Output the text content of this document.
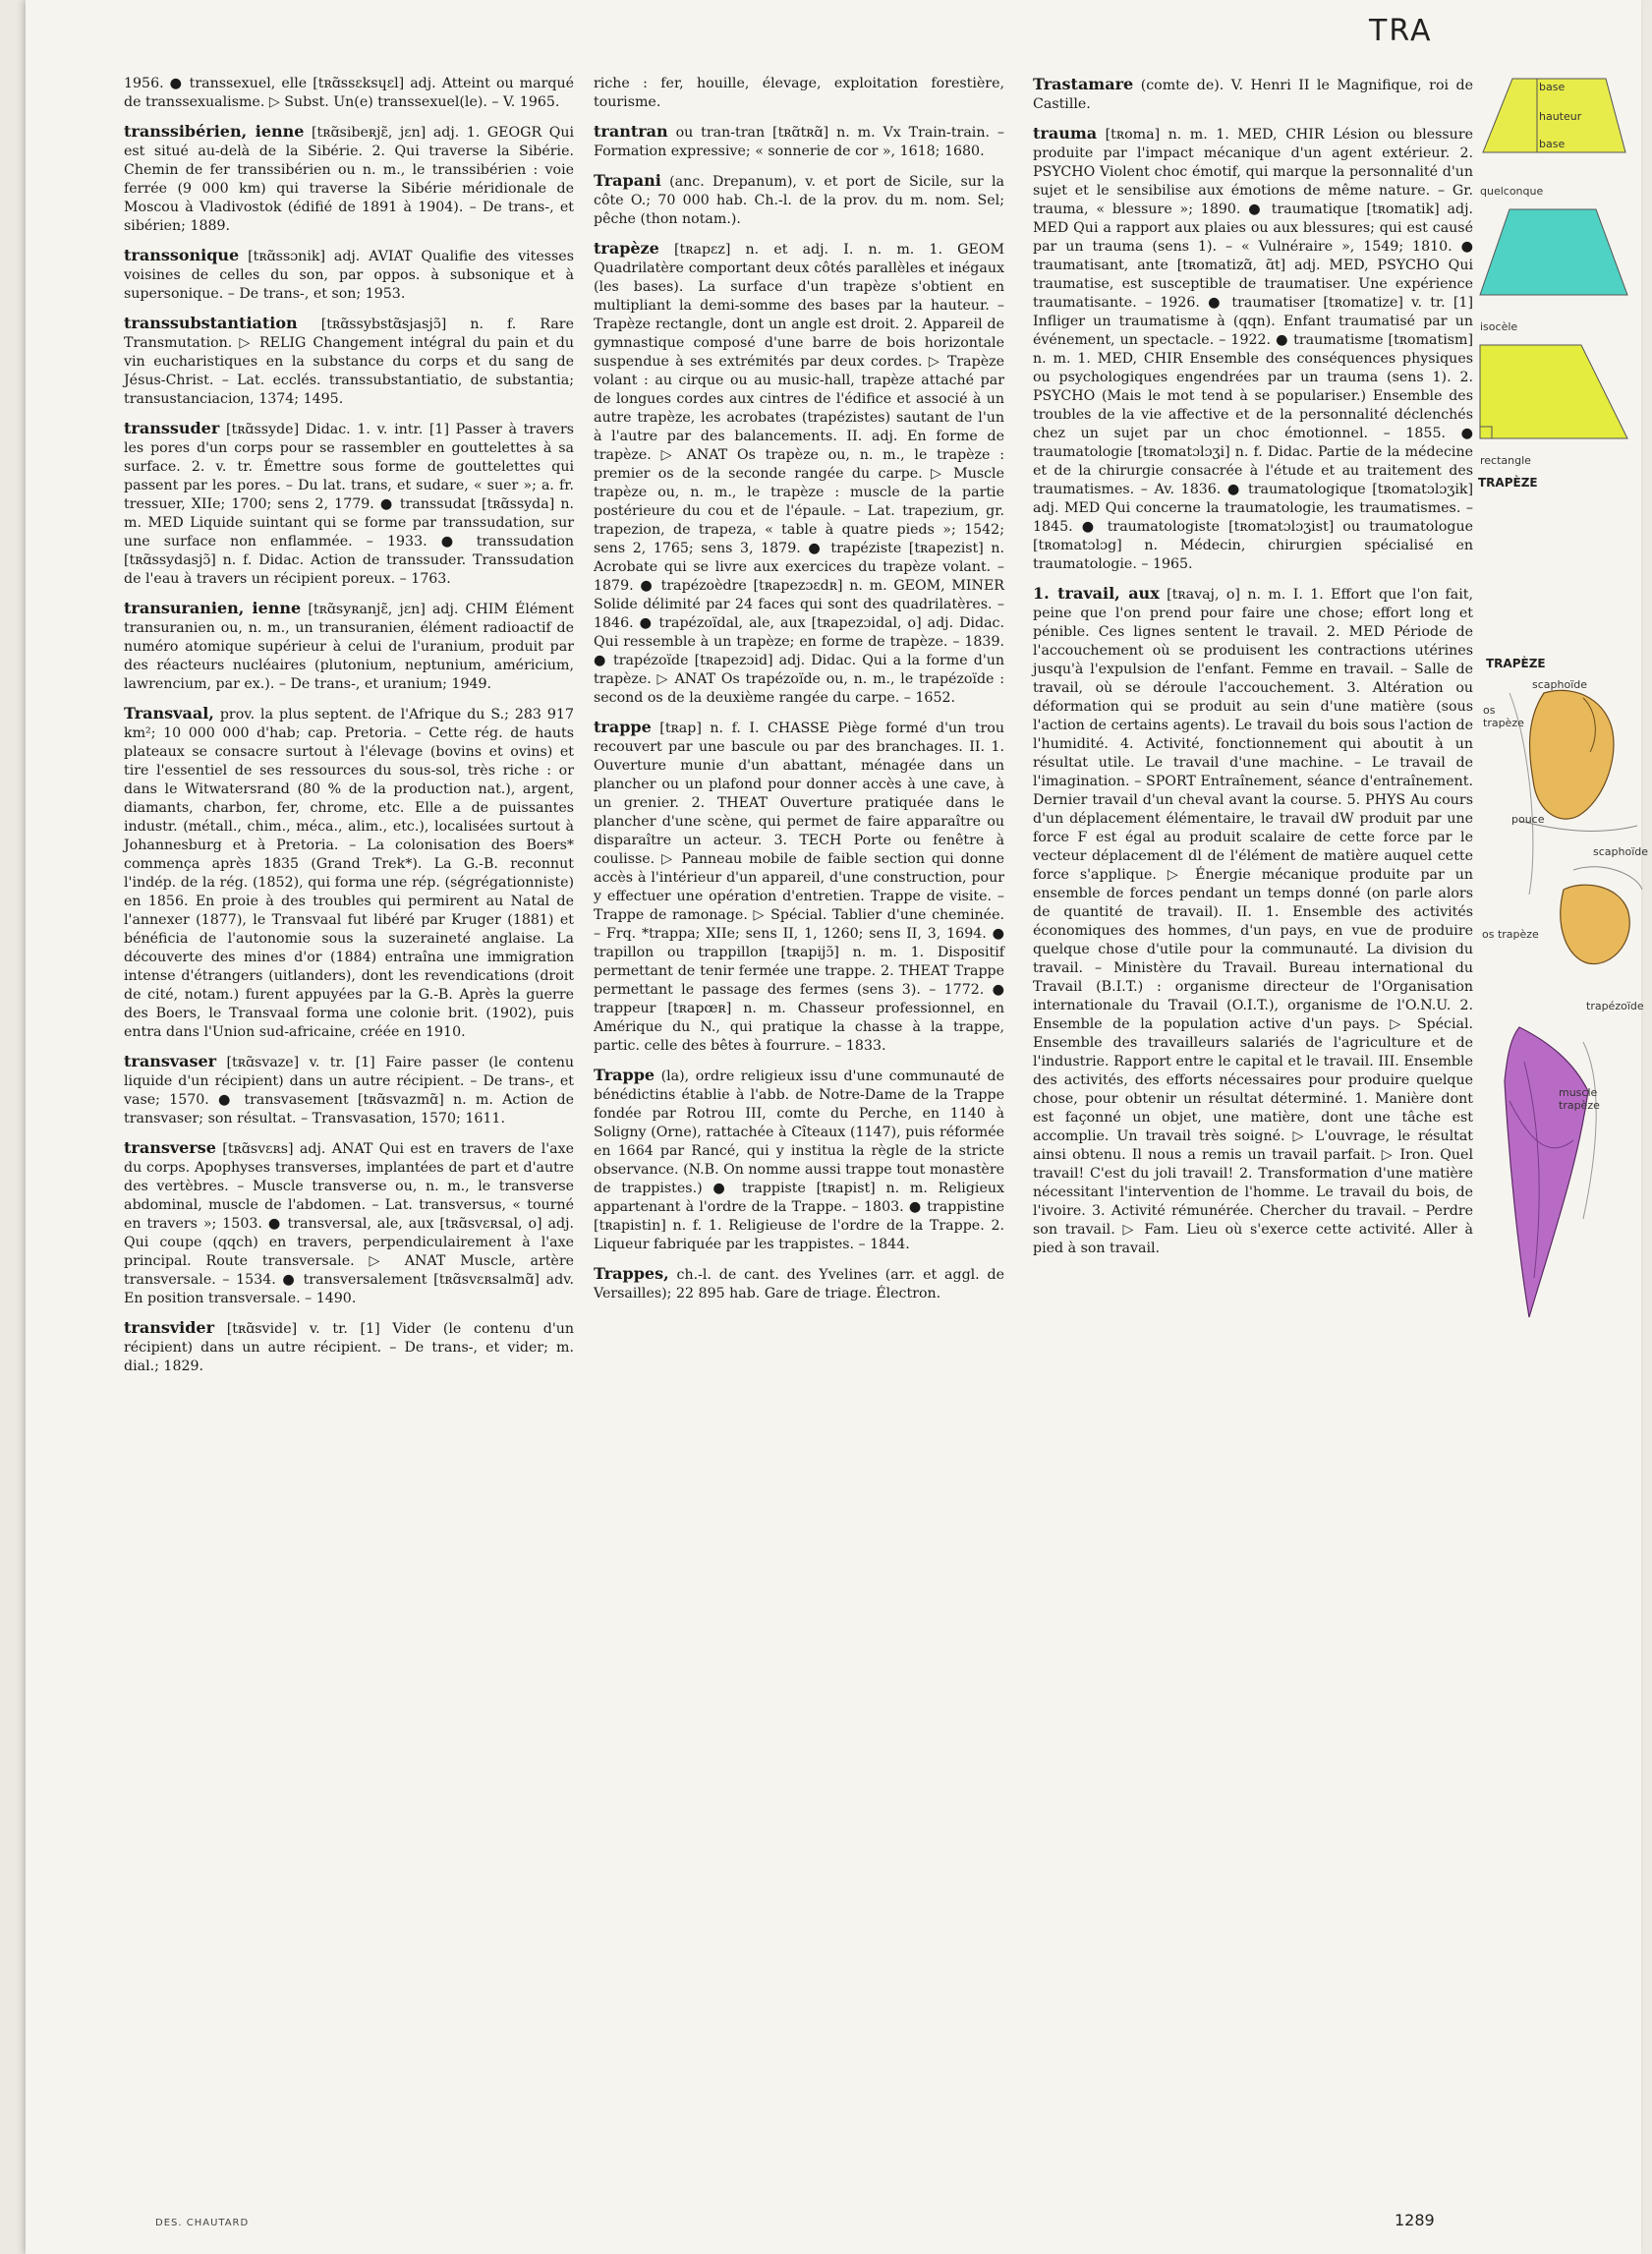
TRA

1956. ● transsexuel, elle [tʀɑ̃ssɛksɥɛl] adj. Atteint ou marqué de transsexualisme. ▷ Subst. Un(e) transsexuel(le). – V. 1965.

transsibérien, ienne [tʀɑ̃sibeʀjɛ̃, jɛn] adj. 1. GEOGR Qui est situé au-delà de la Sibérie. 2. Qui traverse la Sibérie. Chemin de fer transsibérien ou n. m., le transsibérien : voie ferrée (9 000 km) qui traverse la Sibérie méridionale de Moscou à Vladivostok (édifié de 1891 à 1904). – De trans-, et sibérien; 1889.

transsonique [tʀɑ̃ssɔnik] adj. AVIAT Qualifie des vitesses voisines de celles du son, par oppos. à subsonique et à supersonique. – De trans-, et son; 1953.

transsubstantiation [tʀɑ̃ssybstɑ̃sjasjɔ̃] n. f. Rare Transmutation. ▷ RELIG Changement intégral du pain et du vin eucharistiques en la substance du corps et du sang de Jésus-Christ. – Lat. ecclés. transsubstantiatio, de substantia; transustanciacion, 1374; 1495.

transsuder [tʀɑ̃ssyde] Didac. 1. v. intr. [1] Passer à travers les pores d'un corps pour se rassembler en gouttelettes à sa surface. 2. v. tr. Émettre sous forme de gouttelettes qui passent par les pores. – Du lat. trans, et sudare, « suer »; a. fr. tressuer, XIIe; 1700; sens 2, 1779. ● transsudat [tʀɑ̃ssyda] n. m. MED Liquide suintant qui se forme par transsudation, sur une surface non enflammée. – 1933. ● transsudation [tʀɑ̃ssydasjɔ̃] n. f. Didac. Action de transsuder. Transsudation de l'eau à travers un récipient poreux. – 1763.

transuranien, ienne [tʀɑ̃syʀanjɛ̃, jɛn] adj. CHIM Élément transuranien ou, n. m., un transuranien, élément radioactif de numéro atomique supérieur à celui de l'uranium, produit par des réacteurs nucléaires (plutonium, neptunium, américium, lawrencium, par ex.). – De trans-, et uranium; 1949.

Transvaal, prov. la plus septent. de l'Afrique du S.; 283 917 km²; 10 000 000 d'hab; cap. Pretoria. – Cette rég. de hauts plateaux se consacre surtout à l'élevage (bovins et ovins) et tire l'essentiel de ses ressources du sous-sol, très riche : or dans le Witwatersrand (80 % de la production nat.), argent, diamants, charbon, fer, chrome, etc. Elle a de puissantes industr. (métall., chim., méca., alim., etc.), localisées surtout à Johannesburg et à Pretoria. – La colonisation des Boers* commença après 1835 (Grand Trek*). La G.-B. reconnut l'indép. de la rég. (1852), qui forma une rép. (ségrégationniste) en 1856. En proie à des troubles qui permirent au Natal de l'annexer (1877), le Transvaal fut libéré par Kruger (1881) et bénéficia de l'autonomie sous la suzeraineté anglaise. La découverte des mines d'or (1884) entraîna une immigration intense d'étrangers (uitlanders), dont les revendications (droit de cité, notam.) furent appuyées par la G.-B. Après la guerre des Boers, le Transvaal forma une colonie brit. (1902), puis entra dans l'Union sud-africaine, créée en 1910.

transvaser [tʀɑ̃svaze] v. tr. [1] Faire passer (le contenu liquide d'un récipient) dans un autre récipient. – De trans-, et vase; 1570. ● transvasement [tʀɑ̃svazmɑ̃] n. m. Action de transvaser; son résultat. – Transvasation, 1570; 1611.

transverse [tʀɑ̃svɛʀs] adj. ANAT Qui est en travers de l'axe du corps. Apophyses transverses, implantées de part et d'autre des vertèbres. – Muscle transverse ou, n. m., le transverse abdominal, muscle de l'abdomen. – Lat. transversus, « tourné en travers »; 1503. ● transversal, ale, aux [tʀɑ̃svɛʀsal, o] adj. Qui coupe (qqch) en travers, perpendiculairement à l'axe principal. Route transversale. ▷ ANAT Muscle, artère transversale. – 1534. ● transversalement [tʀɑ̃svɛʀsalmɑ̃] adv. En position transversale. – 1490.

transvider [tʀɑ̃svide] v. tr. [1] Vider (le contenu d'un récipient) dans un autre récipient. – De trans-, et vider; m. dial.; 1829.

riche : fer, houille, élevage, exploitation forestière, tourisme.

trantran ou tran-tran [tʀɑ̃tʀɑ̃] n. m. Vx Train-train. – Formation expressive; « sonnerie de cor », 1618; 1680.

Trapani (anc. Drepanum), v. et port de Sicile, sur la côte O.; 70 000 hab. Ch.-l. de la prov. du m. nom. Sel; pêche (thon notam.).

trapèze [tʀapɛz] n. et adj. I. n. m. 1. GEOM Quadrilatère comportant deux côtés parallèles et inégaux (les bases). La surface d'un trapèze s'obtient en multipliant la demi-somme des bases par la hauteur. – Trapèze rectangle, dont un angle est droit. 2. Appareil de gymnastique composé d'une barre de bois horizontale suspendue à ses extrémités par deux cordes. ▷ Trapèze volant : au cirque ou au music-hall, trapèze attaché par de longues cordes aux cintres de l'édifice et associé à un autre trapèze, les acrobates (trapézistes) sautant de l'un à l'autre par des balancements. II. adj. En forme de trapèze. ▷ ANAT Os trapèze ou, n. m., le trapèze : premier os de la seconde rangée du carpe. ▷ Muscle trapèze ou, n. m., le trapèze : muscle de la partie postérieure du cou et de l'épaule. – Lat. trapezium, gr. trapezion, de trapeza, « table à quatre pieds »; 1542; sens 2, 1765; sens 3, 1879. ● trapéziste [tʀapezist] n. Acrobate qui se livre aux exercices du trapèze volant. – 1879. ● trapézoèdre [tʀapezɔɛdʀ] n. m. GEOM, MINER Solide délimité par 24 faces qui sont des quadrilatères. – 1846. ● trapézoïdal, ale, aux [tʀapezɔidal, o] adj. Didac. Qui ressemble à un trapèze; en forme de trapèze. – 1839. ● trapézoïde [tʀapezɔid] adj. Didac. Qui a la forme d'un trapèze. ▷ ANAT Os trapézoïde ou, n. m., le trapézoïde : second os de la deuxième rangée du carpe. – 1652.

trappe [tʀap] n. f. I. CHASSE Piège formé d'un trou recouvert par une bascule ou par des branchages. II. 1. Ouverture munie d'un abattant, ménagée dans un plancher ou un plafond pour donner accès à une cave, à un grenier. 2. THEAT Ouverture pratiquée dans le plancher d'une scène, qui permet de faire apparaître ou disparaître un acteur. 3. TECH Porte ou fenêtre à coulisse. ▷ Panneau mobile de faible section qui donne accès à l'intérieur d'un appareil, d'une construction, pour y effectuer une opération d'entretien. Trappe de visite. – Trappe de ramonage. ▷ Spécial. Tablier d'une cheminée. – Frq. *trappa; XIIe; sens II, 1, 1260; sens II, 3, 1694. ● trapillon ou trappillon [tʀapijɔ̃] n. m. 1. Dispositif permettant de tenir fermée une trappe. 2. THEAT Trappe permettant le passage des fermes (sens 3). – 1772. ● trappeur [tʀapœʀ] n. m. Chasseur professionnel, en Amérique du N., qui pratique la chasse à la trappe, partic. celle des bêtes à fourrure. – 1833.

Trappe (la), ordre religieux issu d'une communauté de bénédictins établie à l'abb. de Notre-Dame de la Trappe fondée par Rotrou III, comte du Perche, en 1140 à Soligny (Orne), rattachée à Cîteaux (1147), puis réformée en 1664 par Rancé, qui y institua la règle de la stricte observance. (N.B. On nomme aussi trappe tout monastère de trappistes.) ● trappiste [tʀapist] n. m. Religieux appartenant à l'ordre de la Trappe. – 1803. ● trappistine [tʀapistin] n. f. 1. Religieuse de l'ordre de la Trappe. 2. Liqueur fabriquée par les trappistes. – 1844.

Trappes, ch.-l. de cant. des Yvelines (arr. et aggl. de Versailles); 22 895 hab. Gare de triage. Électron.

Trastamare (comte de). V. Henri II le Magnifique, roi de Castille.

trauma [tʀoma] n. m. 1. MED, CHIR Lésion ou blessure produite par l'impact mécanique d'un agent extérieur. 2. PSYCHO Violent choc émotif, qui marque la personnalité d'un sujet et le sensibilise aux émotions de même nature. – Gr. trauma, « blessure »; 1890. ● traumatique [tʀomatik] adj. MED Qui a rapport aux plaies ou aux blessures; qui est causé par un trauma (sens 1). – « Vulnéraire », 1549; 1810. ● traumatisant, ante [tʀomatizɑ̃, ɑ̃t] adj. MED, PSYCHO Qui traumatise, est susceptible de traumatiser. Une expérience traumatisante. – 1926. ● traumatiser [tʀomatize] v. tr. [1] Infliger un traumatisme à (qqn). Enfant traumatisé par un événement, un spectacle. – 1922. ● traumatisme [tʀomatism] n. m. 1. MED, CHIR Ensemble des conséquences physiques ou psychologiques engendrées par un trauma (sens 1). 2. PSYCHO (Mais le mot tend à se populariser.) Ensemble des troubles de la vie affective et de la personnalité déclenchés chez un sujet par un choc émotionnel. – 1855. ● traumatologie [tʀomatɔlɔʒi] n. f. Didac. Partie de la médecine et de la chirurgie consacrée à l'étude et au traitement des traumatismes. – Av. 1836. ● traumatologique [tʀomatɔlɔʒik] adj. MED Qui concerne la traumatologie, les traumatismes. – 1845. ● traumatologiste [tʀomatɔlɔʒist] ou traumatologue [tʀomatɔlɔg] n. Médecin, chirurgien spécialisé en traumatologie. – 1965.

1. travail, aux [tʀavaj, o] n. m. I. 1. Effort que l'on fait, peine que l'on prend pour faire une chose; effort long et pénible. Ces lignes sentent le travail. 2. MED Période de l'accouchement où se produisent les contractions utérines jusqu'à l'expulsion de l'enfant. Femme en travail. – Salle de travail, où se déroule l'accouchement. 3. Altération ou déformation qui se produit au sein d'une matière (sous l'action de certains agents). Le travail du bois sous l'action de l'humidité. 4. Activité, fonctionnement qui aboutit à un résultat utile. Le travail d'une machine. – Le travail de l'imagination. – SPORT Entraînement, séance d'entraînement. Dernier travail d'un cheval avant la course. 5. PHYS Au cours d'un déplacement élémentaire, le travail dW produit par une force F est égal au produit scalaire de cette force par le vecteur déplacement dl de l'élément de matière auquel cette force s'applique. ▷ Énergie mécanique produite par un ensemble de forces pendant un temps donné (on parle alors de quantité de travail). II. 1. Ensemble des activités économiques des hommes, d'un pays, en vue de produire quelque chose d'utile pour la communauté. La division du travail. – Ministère du Travail. Bureau international du Travail (B.I.T.) : organisme directeur de l'Organisation internationale du Travail (O.I.T.), organisme de l'O.N.U. 2. Ensemble de la population active d'un pays. ▷ Spécial. Ensemble des travailleurs salariés de l'agriculture et de l'industrie. Rapport entre le capital et le travail. III. Ensemble des activités, des efforts nécessaires pour produire quelque chose, pour obtenir un résultat déterminé. 1. Manière dont est façonné un objet, une matière, dont une tâche est accomplie. Un travail très soigné. ▷ L'ouvrage, le résultat ainsi obtenu. Il nous a remis un travail parfait. ▷ Iron. Quel travail! C'est du joli travail! 2. Transformation d'une matière nécessitant l'intervention de l'homme. Le travail du bois, de l'ivoire. 3. Activité rémunérée. Chercher du travail. – Perdre son travail. ▷ Fam. Lieu où s'exerce cette activité. Aller à pied à son travail.

base
hauteur
base
quelconque

isocèle

rectangle
TRAPÈZE
TRAPÈZE
scaphoïde
os trapèze
pouce
scaphoïde
os trapèze
trapézoïde
muscle trapèze
DES. CHAUTARD	1289
